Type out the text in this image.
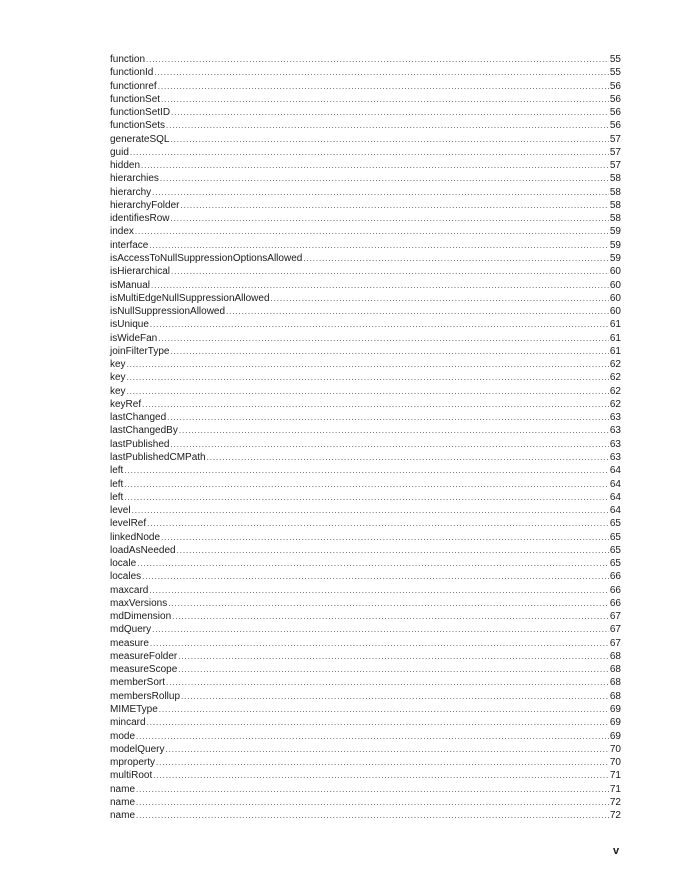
function .....	55
functionId .....	55
functionref .....	56
functionSet .....	56
functionSetID .....	56
functionSets .....	56
generateSQL .....	57
guid .....	57
hidden .....	57
hierarchies .....	58
hierarchy .....	58
hierarchyFolder .....	58
identifiesRow .....	58
index .....	59
interface .....	59
isAccessToNullSuppressionOptionsAllowed .....	59
isHierarchical .....	60
isManual .....	60
isMultiEdgeNullSuppressionAllowed .....	60
isNullSuppressionAllowed .....	60
isUnique .....	61
isWideFan .....	61
joinFilterType .....	61
key .....	62
key .....	62
key .....	62
keyRef .....	62
lastChanged .....	63
lastChangedBy .....	63
lastPublished .....	63
lastPublishedCMPath .....	63
left .....	64
left .....	64
left .....	64
level .....	64
levelRef .....	65
linkedNode .....	65
loadAsNeeded .....	65
locale .....	65
locales .....	66
maxcard .....	66
maxVersions .....	66
mdDimension .....	67
mdQuery .....	67
measure .....	67
measureFolder .....	68
measureScope .....	68
memberSort .....	68
membersRollup .....	68
MIMEType .....	69
mincard .....	69
mode .....	69
modelQuery .....	70
mproperty .....	70
multiRoot .....	71
name .....	71
name .....	72
name .....	72
v
